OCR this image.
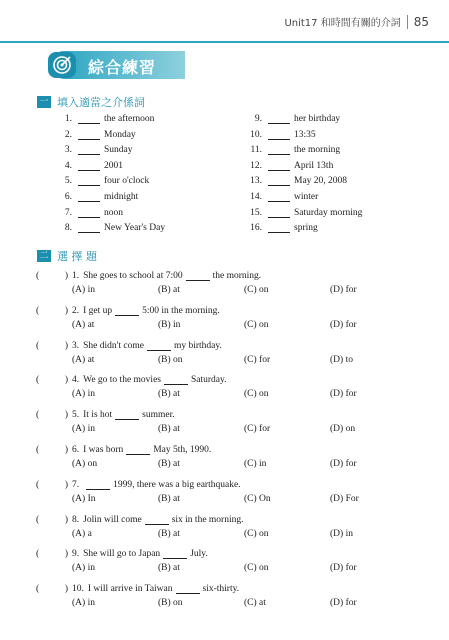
Unit17 和時間有關的介詞 85
綜合練習
一 填入適當之介係詞
1.	the afternoon
2.	Monday
3.	Sunday
4.	2001
5.	four o'clock
6.	midnight
7.	noon
8.	New Year's Day
9.	her birthday
10.	13:35
11.	the morning
12.	April 13th
13.	May 20, 2008
14.	winter
15.	Saturday morning
16.	spring
二 選 擇 題
(	) 1. She goes to school at 7:00	the morning.
(A) in	(B) at	(C) on	(D) for
(	) 2. I get up	5:00 in the morning.
(A) at	(B) in	(C) on	(D) for
(	) 3. She didn't come	my birthday.
(A) at	(B) on	(C) for	(D) to
(	) 4. We go to the movies	Saturday.
(A) in	(B) at	(C) on	(D) for
(	) 5. It is hot	summer.
(A) in	(B) at	(C) for	(D) on
(	) 6. I was born	May 5th, 1990.
(A) on	(B) at	(C) in	(D) for
(	) 7.	1999, there was a big earthquake.
(A) In	(B) at	(C) On	(D) For
(	) 8. Jolin will come	six in the morning.
(A) a	(B) at	(C) on	(D) in
(	) 9. She will go to Japan	July.
(A) in	(B) at	(C) on	(D) for
(	) 10. I will arrive in Taiwan	six-thirty.
(A) in	(B) on	(C) at	(D) for
